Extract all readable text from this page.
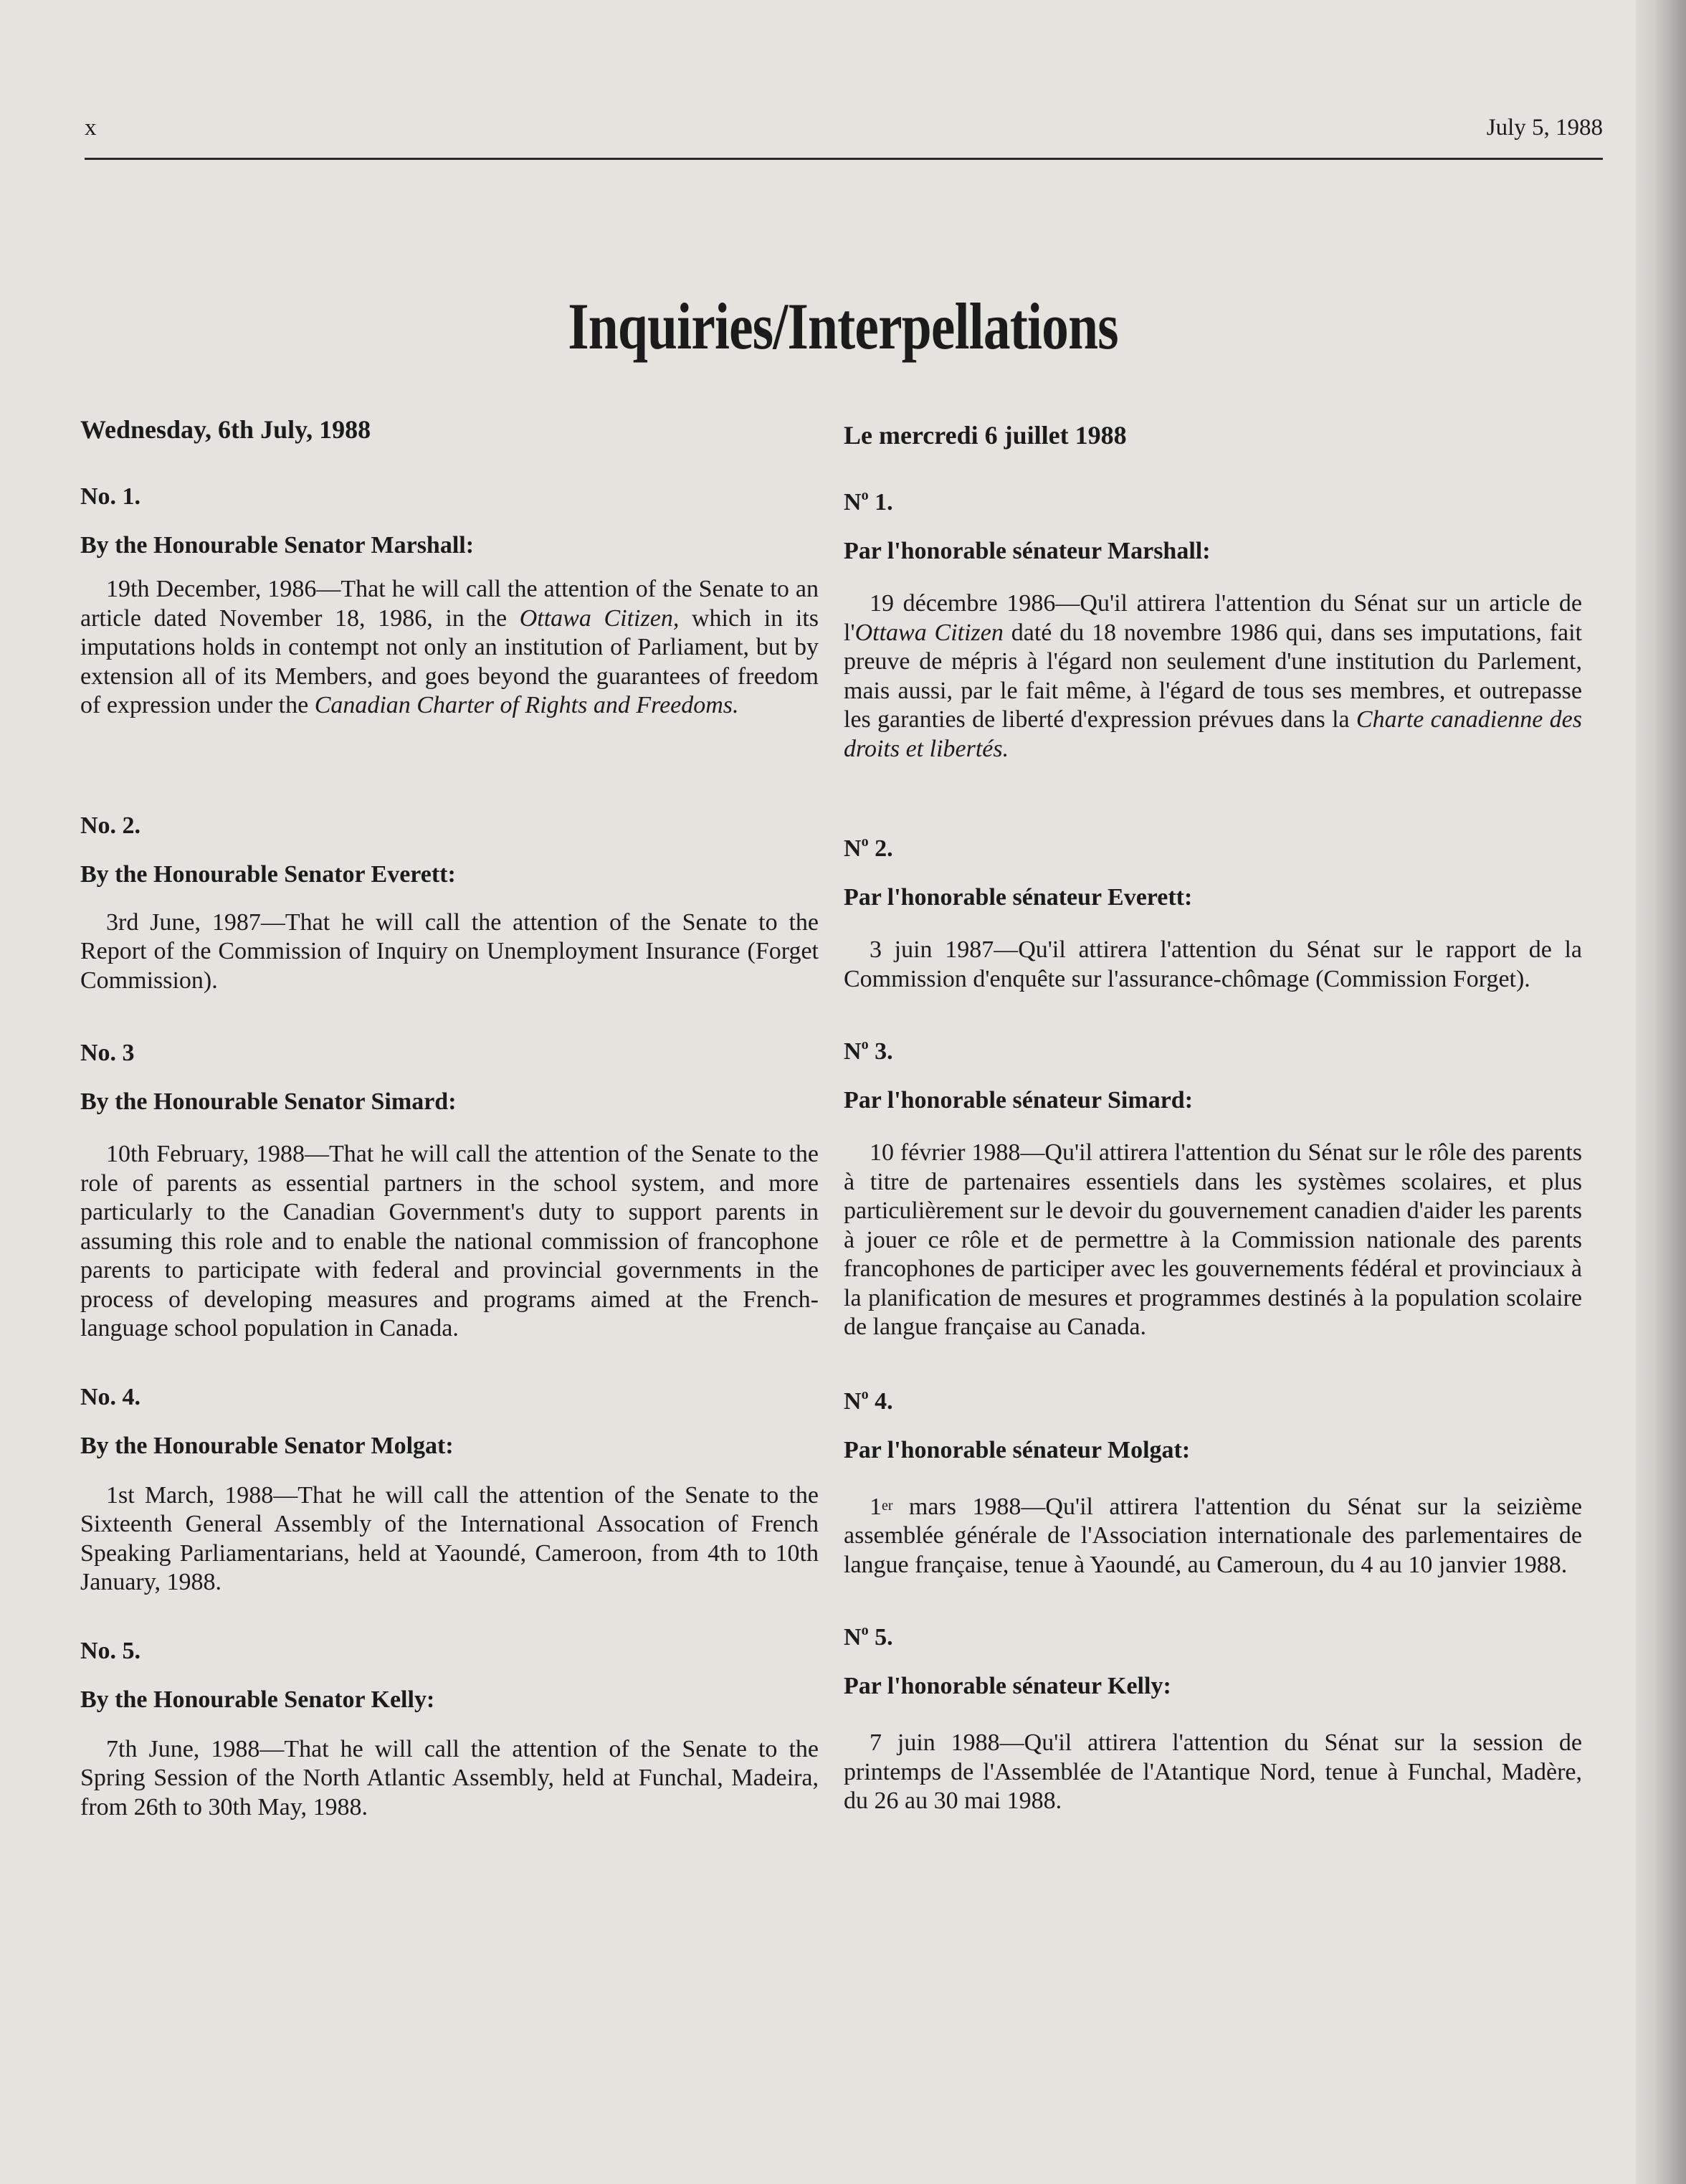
x	July 5, 1988
Inquiries/Interpellations

Wednesday, 6th July, 1988

No. 1.

By the Honourable Senator Marshall:

19th December, 1986—That he will call the attention of the Senate to an article dated November 18, 1986, in the Ottawa Citizen, which in its imputations holds in contempt not only an institution of Parliament, but by extension all of its Members, and goes beyond the guarantees of freedom of expression under the Canadian Charter of Rights and Freedoms.

No. 2.

By the Honourable Senator Everett:

3rd June, 1987—That he will call the attention of the Senate to the Report of the Commission of Inquiry on Unemployment Insurance (Forget Commission).

No. 3

By the Honourable Senator Simard:

10th February, 1988—That he will call the attention of the Senate to the role of parents as essential partners in the school system, and more particularly to the Canadian Government's duty to support parents in assuming this role and to enable the national commission of francophone parents to participate with federal and provincial governments in the process of developing measures and programs aimed at the French-language school population in Canada.

No. 4.

By the Honourable Senator Molgat:

1st March, 1988—That he will call the attention of the Senate to the Sixteenth General Assembly of the International Assocation of French Speaking Parliamentarians, held at Yaoundé, Cameroon, from 4th to 10th January, 1988.

No. 5.

By the Honourable Senator Kelly:

7th June, 1988—That he will call the attention of the Senate to the Spring Session of the North Atlantic Assembly, held at Funchal, Madeira, from 26th to 30th May, 1988.

Le mercredi 6 juillet 1988

$N^o$ 1.

Par l'honorable sénateur Marshall:

19 décembre 1986—Qu'il attirera l'attention du Sénat sur un article de l'Ottawa Citizen daté du 18 novembre 1986 qui, dans ses imputations, fait preuve de mépris à l'égard non seulement d'une institution du Parlement, mais aussi, par le fait même, à l'égard de tous ses membres, et outrepasse les garanties de liberté d'expression prévues dans la Charte canadienne des droits et libertés.

$N^o$ 2.

Par l'honorable sénateur Everett:

3 juin 1987—Qu'il attirera l'attention du Sénat sur le rapport de la Commission d'enquête sur l'assurance-chômage (Commission Forget).

$N^o$ 3.

Par l'honorable sénateur Simard:

10 février 1988—Qu'il attirera l'attention du Sénat sur le rôle des parents à titre de partenaires essentiels dans les systèmes scolaires, et plus particulièrement sur le devoir du gouvernement canadien d'aider les parents à jouer ce rôle et de permettre à la Commission nationale des parents francophones de participer avec les gouvernements fédéral et provinciaux à la planification de mesures et programmes destinés à la population scolaire de langue française au Canada.

$N^o$ 4.

Par l'honorable sénateur Molgat:

1er mars 1988—Qu'il attirera l'attention du Sénat sur la seizième assemblée générale de l'Association internationale des parlementaires de langue française, tenue à Yaoundé, au Cameroun, du 4 au 10 janvier 1988.

$N^o$ 5.

Par l'honorable sénateur Kelly:

7 juin 1988—Qu'il attirera l'attention du Sénat sur la session de printemps de l'Assemblée de l'Atantique Nord, tenue à Funchal, Madère, du 26 au 30 mai 1988.
